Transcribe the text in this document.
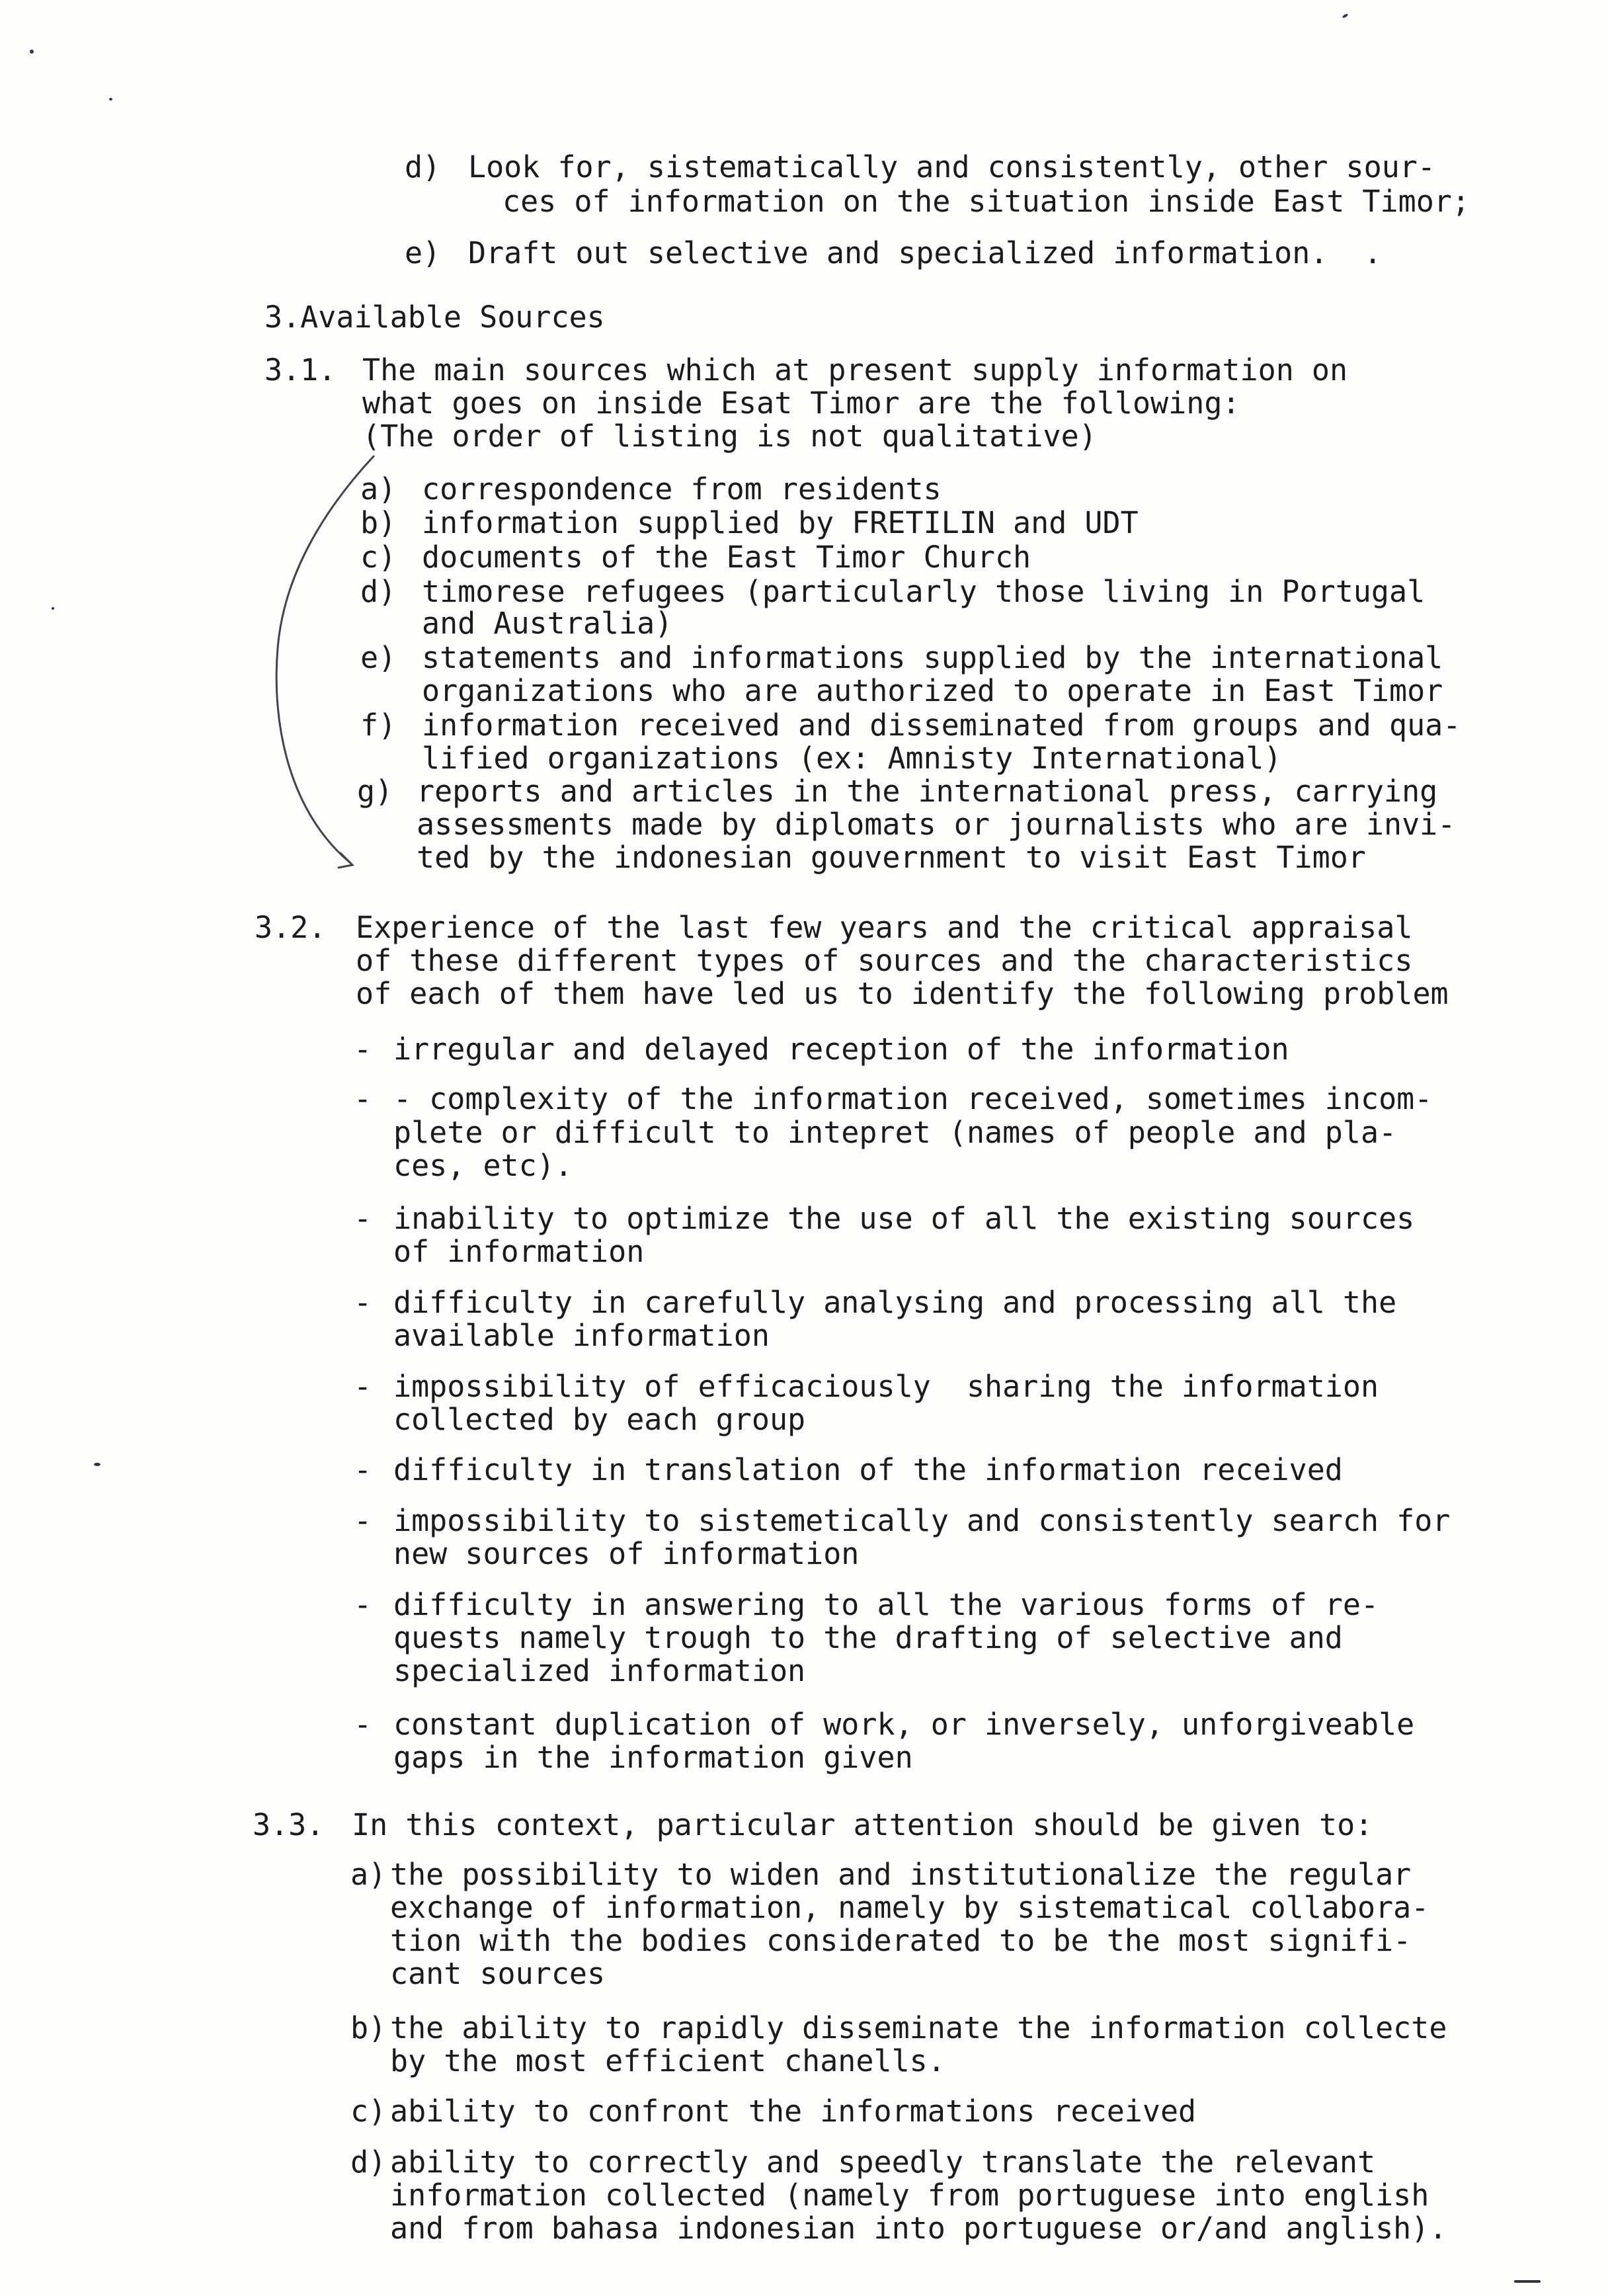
d) Look for, sistematically and consistently, other sour-
ces of information on the situation inside East Timor;
e) Draft out selective and specialized information.  .
3.Available Sources
3.1. The main sources which at present supply information on
what goes on inside Esat Timor are the following:
(The order of listing is not qualitative)
a) correspondence from residents
b) information supplied by FRETILIN and UDT
c) documents of the East Timor Church
d) timorese refugees (particularly those living in Portugal
and Australia)
e) statements and informations supplied by the international
organizations who are authorized to operate in East Timor
f) information received and disseminated from groups and qua-
lified organizations (ex: Amnisty International)
g) reports and articles in the international press, carrying
assessments made by diplomats or journalists who are invi-
ted by the indonesian gouvernment to visit East Timor
3.2. Experience of the last few years and the critical appraisal
of these different types of sources and the characteristics
of each of them have led us to identify the following problem
- irregular and delayed reception of the information
- - complexity of the information received, sometimes incom-
plete or difficult to intepret (names of people and pla-
ces, etc).
- inability to optimize the use of all the existing sources
of information
- difficulty in carefully analysing and processing all the
available information
- impossibility of efficaciously  sharing the information
collected by each group
- difficulty in translation of the information received
- impossibility to sistemetically and consistently search for
new sources of information
- difficulty in answering to all the various forms of re-
quests namely trough to the drafting of selective and
specialized information
- constant duplication of work, or inversely, unforgiveable
gaps in the information given
3.3. In this context, particular attention should be given to:
a) the possibility to widen and institutionalize the regular
exchange of information, namely by sistematical collabora-
tion with the bodies considerated to be the most signifi-
cant sources
b) the ability to rapidly disseminate the information collecte
by the most efficient chanells.
c) ability to confront the informations received
d) ability to correctly and speedly translate the relevant
information collected (namely from portuguese into english
and from bahasa indonesian into portuguese or/and anglish).
